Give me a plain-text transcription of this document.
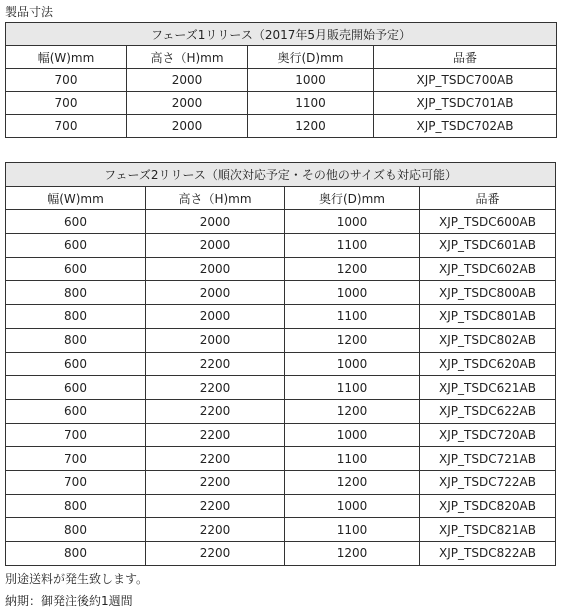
製品寸法
フェーズ1リリース（2017年5月販売開始予定）			
幅(W)mm	高さ（H)mm	奥行(D)mm	品番
700	2000	1000	XJP_TSDC700AB
700	2000	1100	XJP_TSDC701AB
700	2000	1200	XJP_TSDC702AB
フェーズ2リリース（順次対応予定・その他のサイズも対応可能）			
幅(W)mm	高さ（H)mm	奥行(D)mm	品番
600	2000	1000	XJP_TSDC600AB
600	2000	1100	XJP_TSDC601AB
600	2000	1200	XJP_TSDC602AB
800	2000	1000	XJP_TSDC800AB
800	2000	1100	XJP_TSDC801AB
800	2000	1200	XJP_TSDC802AB
600	2200	1000	XJP_TSDC620AB
600	2200	1100	XJP_TSDC621AB
600	2200	1200	XJP_TSDC622AB
700	2200	1000	XJP_TSDC720AB
700	2200	1100	XJP_TSDC721AB
700	2200	1200	XJP_TSDC722AB
800	2200	1000	XJP_TSDC820AB
800	2200	1100	XJP_TSDC821AB
800	2200	1200	XJP_TSDC822AB
別途送料が発生致します。
納期：御発注後約1週間
